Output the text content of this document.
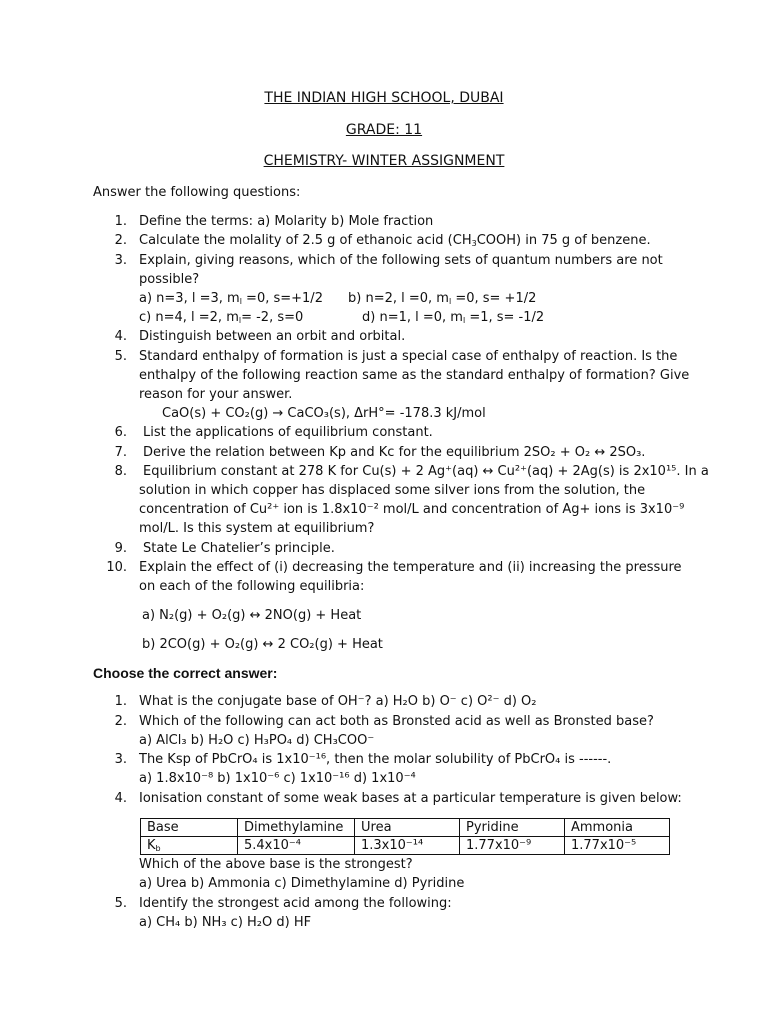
THE INDIAN HIGH SCHOOL, DUBAI
GRADE: 11
CHEMISTRY- WINTER ASSIGNMENT
Answer the following questions:
1. Define the terms: a) Molarity b) Mole fraction
2. Calculate the molality of 2.5 g of ethanoic acid $(CH_3COOH)$ in 75 g of benzene.
3. Explain, giving reasons, which of the following sets of quantum numbers are not
possible?
a) n=3, l =3, $m_l =0$, s=+1/2 b) n=2, l =0, $m_l =0$, s= +1/2
c) n=4, l =2, $m_l= -2$, s=0	d) n=1, l =0, $m_l =1$, s= -1/2
4. Distinguish between an orbit and orbital.
5. Standard enthalpy of formation is just a special case of enthalpy of reaction. Is the
enthalpy of the following reaction same as the standard enthalpy of formation? Give
reason for your answer.
CaO(s) + CO₂(g) → CaCO₃(s), ΔrH°= -178.3 kJ/mol
6. List the applications of equilibrium constant.
7. Derive the relation between Kp and Kc for the equilibrium 2SO₂ + O₂ ↔ 2SO₃.
8. Equilibrium constant at 278 K for Cu(s) + 2 Ag⁺(aq) ↔ Cu²⁺(aq) + 2Ag(s) is 2x10¹⁵. In a
solution in which copper has displaced some silver ions from the solution, the
concentration of Cu²⁺ ion is 1.8x10⁻² mol/L and concentration of Ag+ ions is 3x10⁻⁹
mol/L. Is this system at equilibrium?
9. State Le Chatelier’s principle.
10. Explain the effect of (i) decreasing the temperature and (ii) increasing the pressure
on each of the following equilibria:
a) N₂(g) + O₂(g) ↔ 2NO(g) + Heat
b) 2CO(g) + O₂(g) ↔ 2 CO₂(g) + Heat
Choose the correct answer:
1. What is the conjugate base of OH⁻? a) H₂O b) O⁻ c) O²⁻ d) O₂
2. Which of the following can act both as Bronsted acid as well as Bronsted base?
a) AlCl₃ b) H₂O c) H₃PO₄ d) CH₃COO⁻
3. The Ksp of PbCrO₄ is 1x10⁻¹⁶, then the molar solubility of PbCrO₄ is ------.
a) 1.8x10⁻⁸ b) 1x10⁻⁶ c) 1x10⁻¹⁶ d) 1x10⁻⁴
4. Ionisation constant of some weak bases at a particular temperature is given below:
Base	Dimethylamine	Urea	Pyridine	Ammonia
$K_b$	5.4x10⁻⁴	1.3x10⁻¹⁴	1.77x10⁻⁹	1.77x10⁻⁵
Which of the above base is the strongest?
a) Urea b) Ammonia c) Dimethylamine d) Pyridine
5. Identify the strongest acid among the following:
a) CH₄ b) NH₃ c) H₂O d) HF
